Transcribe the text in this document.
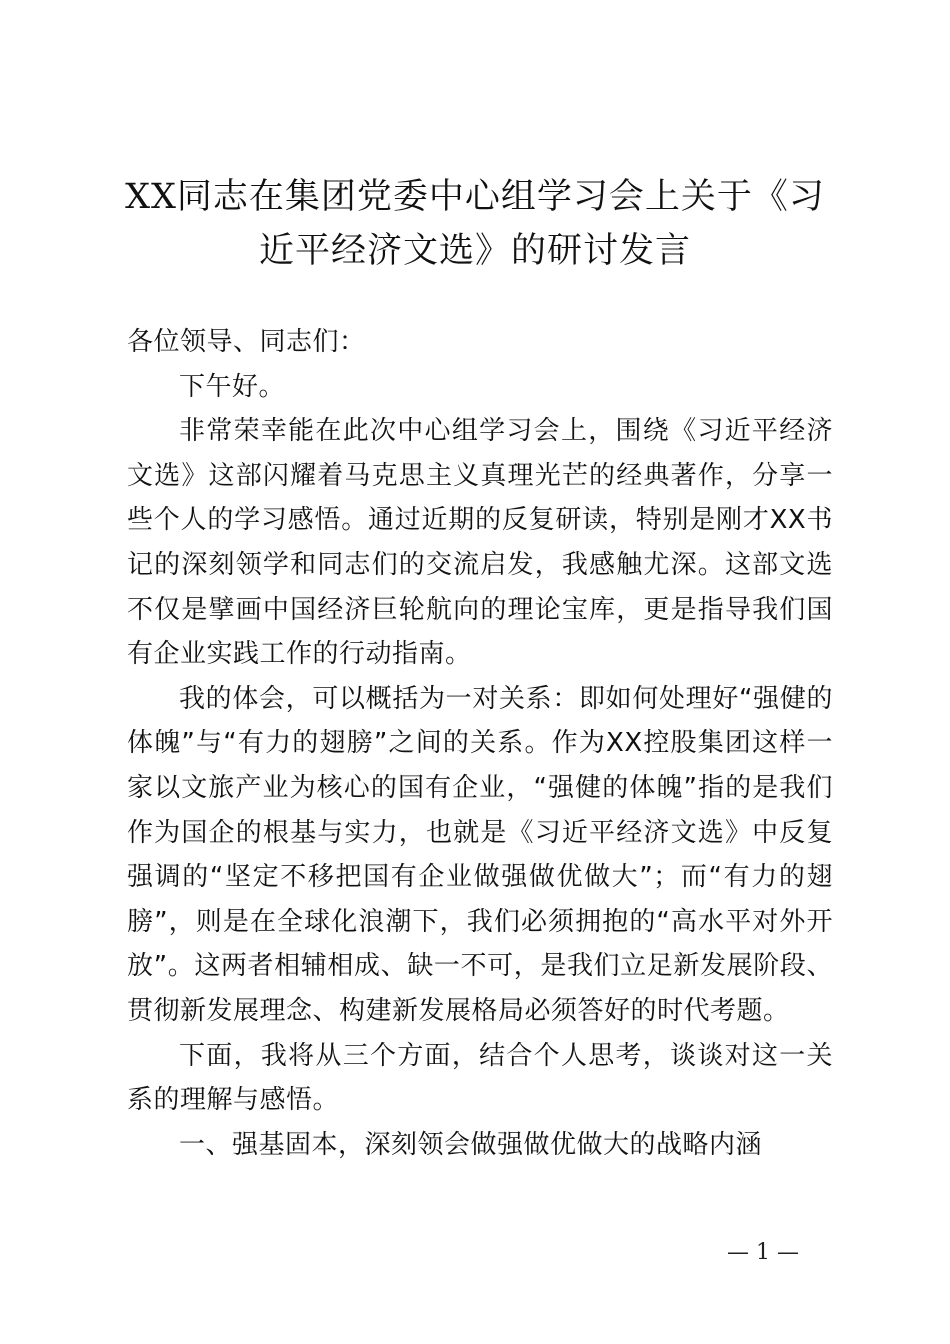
XX同志在集团党委中心组学习会上关于《习近平经济文选》的研讨发言

各位领导、同志们：

下午好。

非常荣幸能在此次中心组学习会上，围绕《习近平经济文选》这部闪耀着马克思主义真理光芒的经典著作，分享一些个人的学习感悟。通过近期的反复研读，特别是刚才XX书记的深刻领学和同志们的交流启发，我感触尤深。这部文选不仅是擘画中国经济巨轮航向的理论宝库，更是指导我们国有企业实践工作的行动指南。

我的体会，可以概括为一对关系：即如何处理好“强健的体魄”与“有力的翅膀”之间的关系。作为XX控股集团这样一家以文旅产业为核心的国有企业，“强健的体魄”指的是我们作为国企的根基与实力，也就是《习近平经济文选》中反复强调的“坚定不移把国有企业做强做优做大”；而“有力的翅膀”，则是在全球化浪潮下，我们必须拥抱的“高水平对外开放”。这两者相辅相成、缺一不可，是我们立足新发展阶段、贯彻新发展理念、构建新发展格局必须答好的时代考题。

下面，我将从三个方面，结合个人思考，谈谈对这一关系的理解与感悟。

一、强基固本，深刻领会做强做优做大的战略内涵

— 1 —
